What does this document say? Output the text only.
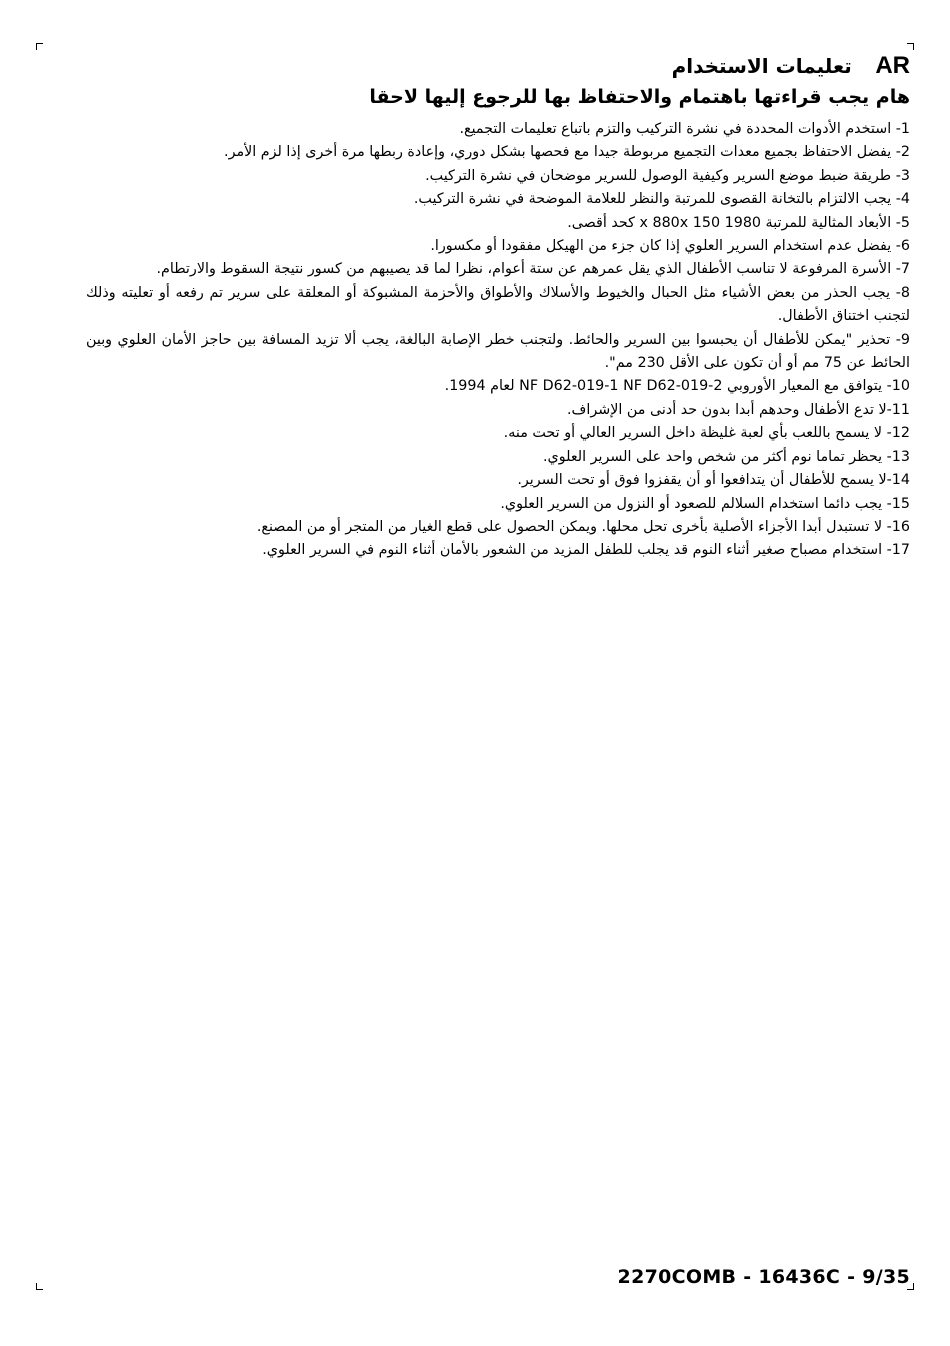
تعليمات الاستخدام AR
هام يجب قراءتها باهتمام والاحتفاظ بها للرجوع إليها لاحقا
1- استخدم الأدوات المحددة في نشرة التركيب والتزم باتباع تعليمات التجميع.
2- يفضل الاحتفاظ بجميع معدات التجميع مربوطة جيدا مع فحصها بشكل دوري، وإعادة ربطها مرة أخرى إذا لزم الأمر.
3- طريقة ضبط موضع السرير وكيفية الوصول للسرير موضحان في نشرة التركيب.
4- يجب الالتزام بالتخانة القصوى للمرتبة والنظر للعلامة الموضحة في نشرة التركيب.
5- الأبعاد المثالية للمرتبة 1980 x 880x 150 كحد أقصى.
6- يفضل عدم استخدام السرير العلوي إذا كان جزء من الهيكل مفقودا أو مكسورا.
7- الأسرة المرفوعة لا تناسب الأطفال الذي يقل عمرهم عن ستة أعوام، نظرا لما قد يصيبهم من كسور نتيجة السقوط والارتطام.
8- يجب الحذر من بعض الأشياء مثل الحبال والخيوط والأسلاك والأطواق والأحزمة المشبوكة أو المعلقة على سرير تم رفعه أو تعليته وذلك لتجنب اختناق الأطفال.
9- تحذير "يمكن للأطفال أن يحبسوا بين السرير والحائط. ولتجنب خطر الإصابة البالغة، يجب ألا تزيد المسافة بين حاجز الأمان العلوي وبين الحائط عن 75 مم أو أن تكون على الأقل 230 مم".
10- يتوافق مع المعيار الأوروبي NF D62-019-1 NF D62-019-2 لعام 1994.
11-لا تدع الأطفال وحدهم أبدا بدون حد أدنى من الإشراف.
12- لا يسمح باللعب بأي لعبة غليظة داخل السرير العالي أو تحت منه.
13- يحظر تماما نوم أكثر من شخص واحد على السرير العلوي.
14-لا يسمح للأطفال أن يتدافعوا أو أن يقفزوا فوق أو تحت السرير.
15- يجب دائما استخدام السلالم للصعود أو النزول من السرير العلوي.
16- لا تستبدل أبدا الأجزاء الأصلية بأخرى تحل محلها. ويمكن الحصول على قطع الغيار من المتجر أو من المصنع.
17- استخدام مصباح صغير أثناء النوم قد يجلب للطفل المزيد من الشعور بالأمان أثناء النوم في السرير العلوي.
2270COMB - 16436C - 9/35
